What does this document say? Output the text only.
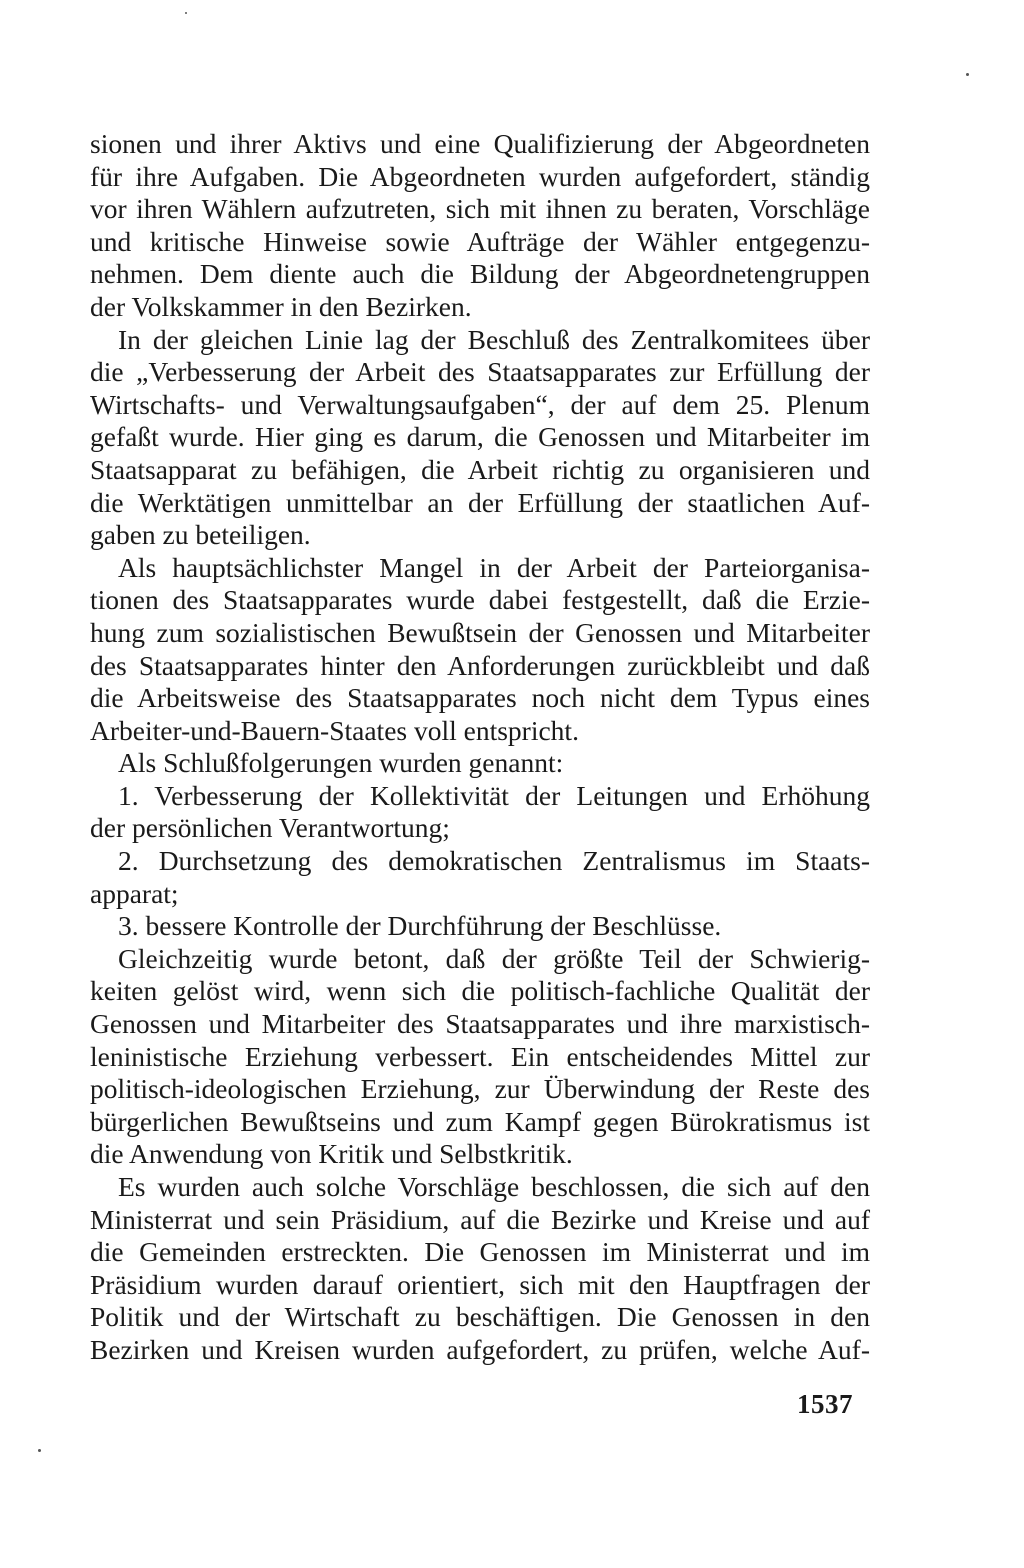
sionen und ihrer Aktivs und eine Qualifizierung der Abgeordneten
für ihre Aufgaben. Die Abgeordneten wurden aufgefordert, ständig
vor ihren Wählern aufzutreten, sich mit ihnen zu beraten, Vorschläge
und kritische Hinweise sowie Aufträge der Wähler entgegenzu-
nehmen. Dem diente auch die Bildung der Abgeordnetengruppen
der Volkskammer in den Bezirken.
In der gleichen Linie lag der Beschluß des Zentralkomitees über
die „Verbesserung der Arbeit des Staatsapparates zur Erfüllung der
Wirtschafts- und Verwaltungsaufgaben“, der auf dem 25. Plenum
gefaßt wurde. Hier ging es darum, die Genossen und Mitarbeiter im
Staatsapparat zu befähigen, die Arbeit richtig zu organisieren und
die Werktätigen unmittelbar an der Erfüllung der staatlichen Auf-
gaben zu beteiligen.
Als hauptsächlichster Mangel in der Arbeit der Parteiorganisa-
tionen des Staatsapparates wurde dabei festgestellt, daß die Erzie-
hung zum sozialistischen Bewußtsein der Genossen und Mitarbeiter
des Staatsapparates hinter den Anforderungen zurückbleibt und daß
die Arbeitsweise des Staatsapparates noch nicht dem Typus eines
Arbeiter-und-Bauern-Staates voll entspricht.
Als Schlußfolgerungen wurden genannt:
1. Verbesserung der Kollektivität der Leitungen und Erhöhung
der persönlichen Verantwortung;
2. Durchsetzung des demokratischen Zentralismus im Staats-
apparat;
3. bessere Kontrolle der Durchführung der Beschlüsse.
Gleichzeitig wurde betont, daß der größte Teil der Schwierig-
keiten gelöst wird, wenn sich die politisch-fachliche Qualität der
Genossen und Mitarbeiter des Staatsapparates und ihre marxistisch-
leninistische Erziehung verbessert. Ein entscheidendes Mittel zur
politisch-ideologischen Erziehung, zur Überwindung der Reste des
bürgerlichen Bewußtseins und zum Kampf gegen Bürokratismus ist
die Anwendung von Kritik und Selbstkritik.
Es wurden auch solche Vorschläge beschlossen, die sich auf den
Ministerrat und sein Präsidium, auf die Bezirke und Kreise und auf
die Gemeinden erstreckten. Die Genossen im Ministerrat und im
Präsidium wurden darauf orientiert, sich mit den Hauptfragen der
Politik und der Wirtschaft zu beschäftigen. Die Genossen in den
Bezirken und Kreisen wurden aufgefordert, zu prüfen, welche Auf-
1537
